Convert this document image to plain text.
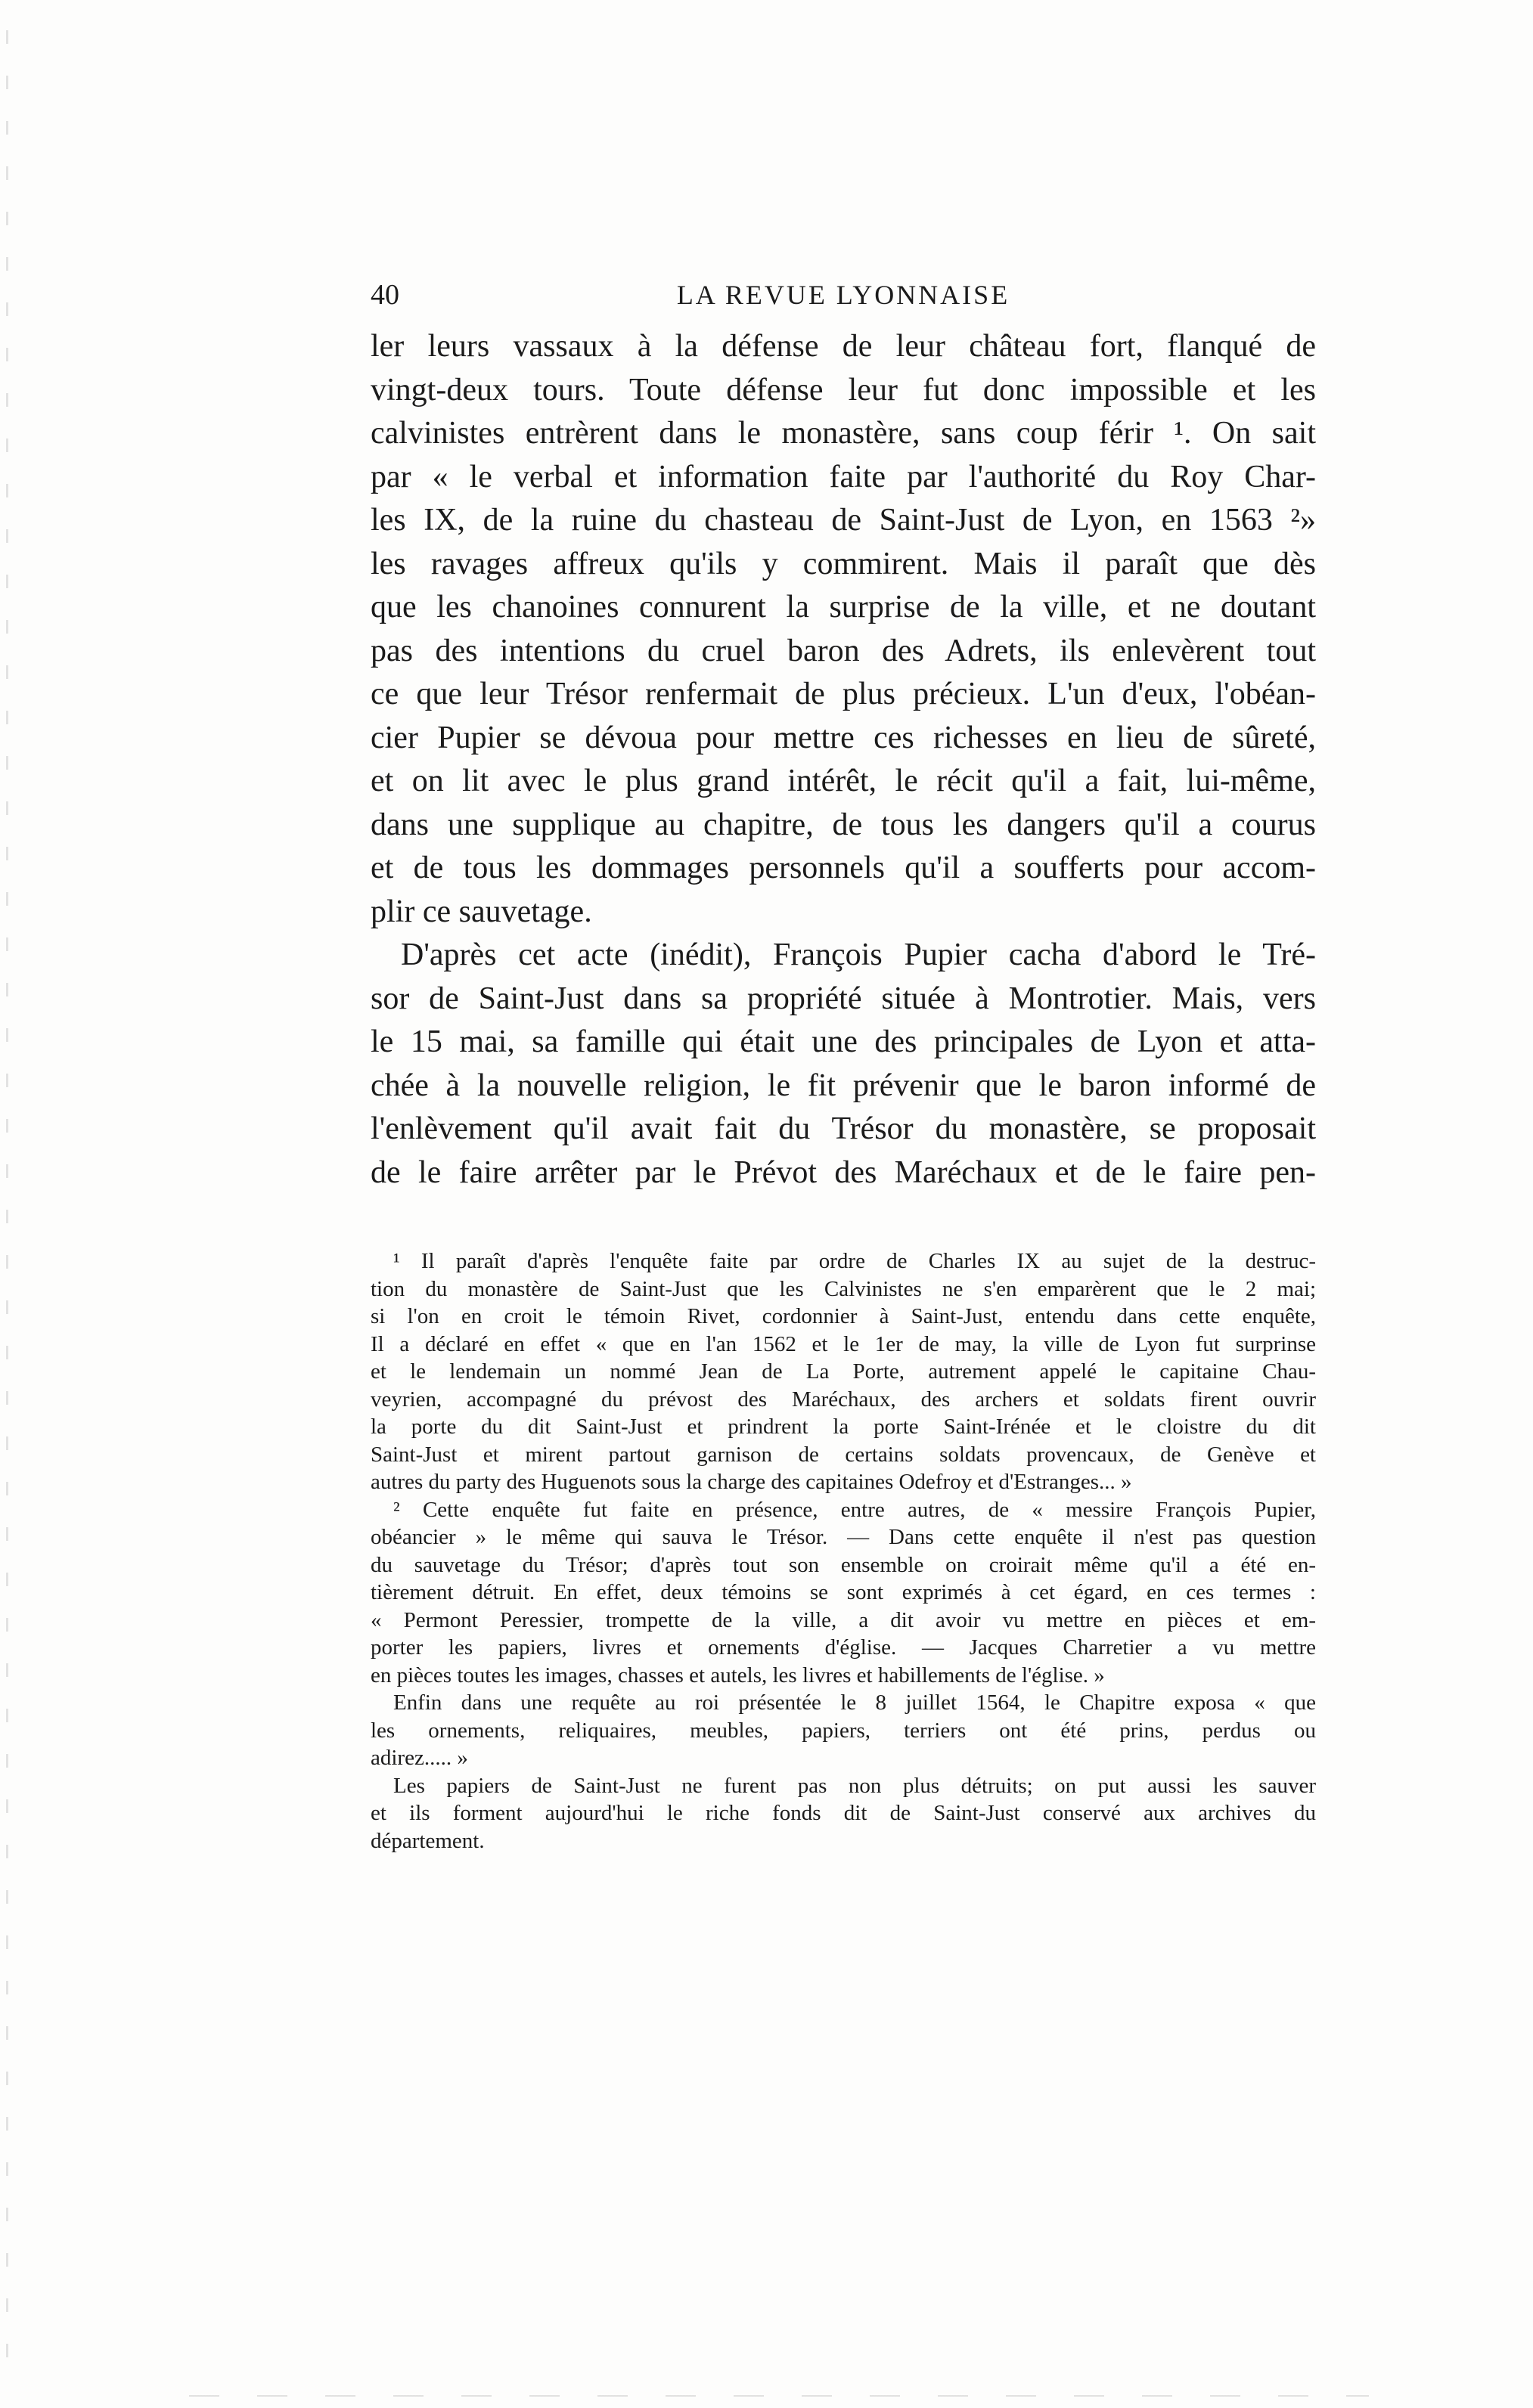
40	LA REVUE LYONNAISE
ler leurs vassaux à la défense de leur château fort, flanqué de
vingt-deux tours. Toute défense leur fut donc impossible et les
calvinistes entrèrent dans le monastère, sans coup férir ¹. On sait
par « le verbal et information faite par l'authorité du Roy Char-
les IX, de la ruine du chasteau de Saint-Just de Lyon, en 1563 ²»
les ravages affreux qu'ils y commirent. Mais il paraît que dès
que les chanoines connurent la surprise de la ville, et ne doutant
pas des intentions du cruel baron des Adrets, ils enlevèrent tout
ce que leur Trésor renfermait de plus précieux. L'un d'eux, l'obéan-
cier Pupier se dévoua pour mettre ces richesses en lieu de sûreté,
et on lit avec le plus grand intérêt, le récit qu'il a fait, lui-même,
dans une supplique au chapitre, de tous les dangers qu'il a courus
et de tous les dommages personnels qu'il a soufferts pour accom-
plir ce sauvetage.
D'après cet acte (inédit), François Pupier cacha d'abord le Tré-
sor de Saint-Just dans sa propriété située à Montrotier. Mais, vers
le 15 mai, sa famille qui était une des principales de Lyon et atta-
chée à la nouvelle religion, le fit prévenir que le baron informé de
l'enlèvement qu'il avait fait du Trésor du monastère, se proposait
de le faire arrêter par le Prévot des Maréchaux et de le faire pen-
¹ Il paraît d'après l'enquête faite par ordre de Charles IX au sujet de la destruc-
tion du monastère de Saint-Just que les Calvinistes ne s'en emparèrent que le 2 mai;
si l'on en croit le témoin Rivet, cordonnier à Saint-Just, entendu dans cette enquête,
Il a déclaré en effet « que en l'an 1562 et le 1er de may, la ville de Lyon fut surprinse
et le lendemain un nommé Jean de La Porte, autrement appelé le capitaine Chau-
veyrien, accompagné du prévost des Maréchaux, des archers et soldats firent ouvrir
la porte du dit Saint-Just et prindrent la porte Saint-Irénée et le cloistre du dit
Saint-Just et mirent partout garnison de certains soldats provencaux, de Genève et
autres du party des Huguenots sous la charge des capitaines Odefroy et d'Estranges... »
² Cette enquête fut faite en présence, entre autres, de « messire François Pupier,
obéancier » le même qui sauva le Trésor. — Dans cette enquête il n'est pas question
du sauvetage du Trésor; d'après tout son ensemble on croirait même qu'il a été en-
tièrement détruit. En effet, deux témoins se sont exprimés à cet égard, en ces termes :
« Permont Peressier, trompette de la ville, a dit avoir vu mettre en pièces et em-
porter les papiers, livres et ornements d'église. — Jacques Charretier a vu mettre
en pièces toutes les images, chasses et autels, les livres et habillements de l'église. »
Enfin dans une requête au roi présentée le 8 juillet 1564, le Chapitre exposa « que
les ornements, reliquaires, meubles, papiers, terriers ont été prins, perdus ou
adirez..... »
Les papiers de Saint-Just ne furent pas non plus détruits; on put aussi les sauver
et ils forment aujourd'hui le riche fonds dit de Saint-Just conservé aux archives du
département.
